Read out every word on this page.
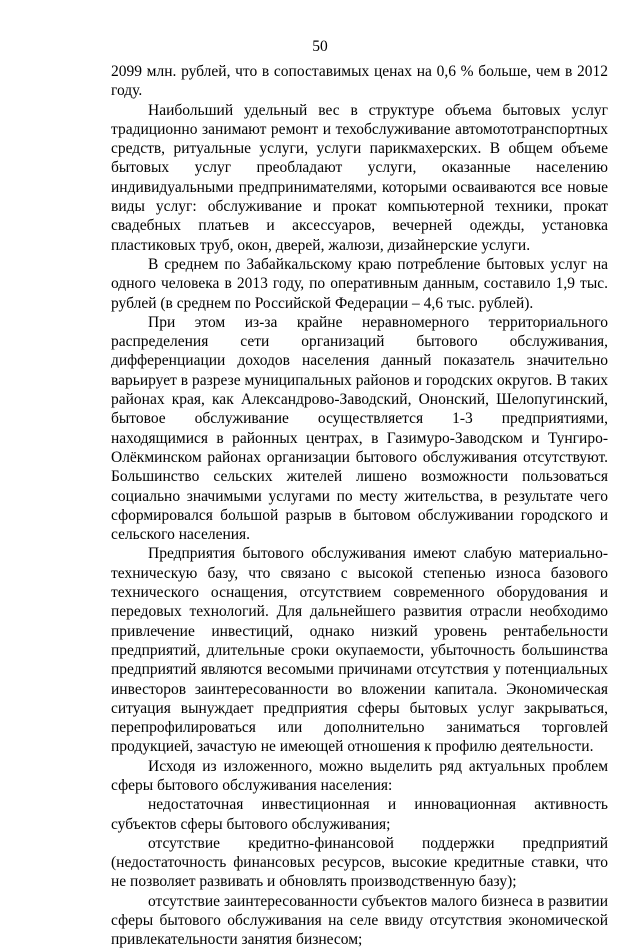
50

2099 млн. рублей, что в сопоставимых ценах на 0,6 % больше, чем в 2012 году.

Наибольший удельный вес в структуре объема бытовых услуг традиционно занимают ремонт и техобслуживание автомототранспортных средств, ритуальные услуги, услуги парикмахерских. В общем объеме бытовых услуг преобладают услуги, оказанные населению индивидуальными предпринимателями, которыми осваиваются все новые виды услуг: обслуживание и прокат компьютерной техники, прокат свадебных платьев и аксессуаров, вечерней одежды, установка пластиковых труб, окон, дверей, жалюзи, дизайнерские услуги.

В среднем по Забайкальскому краю потребление бытовых услуг на одного человека в 2013 году, по оперативным данным, составило 1,9 тыс. рублей (в среднем по Российской Федерации – 4,6 тыс. рублей).

При этом из-за крайне неравномерного территориального распределения сети организаций бытового обслуживания, дифференциации доходов населения данный показатель значительно варьирует в разрезе муниципальных районов и городских округов. В таких районах края, как Александрово-Заводский, Ононский, Шелопугинский, бытовое обслуживание осуществляется 1-3 предприятиями, находящимися в районных центрах, в Газимуро-Заводском и Тунгиро-Олёкминском районах организации бытового обслуживания отсутствуют. Большинство сельских жителей лишено возможности пользоваться социально значимыми услугами по месту жительства, в результате чего сформировался большой разрыв в бытовом обслуживании городского и сельского населения.

Предприятия бытового обслуживания имеют слабую материально-техническую базу, что связано с высокой степенью износа базового технического оснащения, отсутствием современного оборудования и передовых технологий. Для дальнейшего развития отрасли необходимо привлечение инвестиций, однако низкий уровень рентабельности предприятий, длительные сроки окупаемости, убыточность большинства предприятий являются весомыми причинами отсутствия у потенциальных инвесторов заинтересованности во вложении капитала. Экономическая ситуация вынуждает предприятия сферы бытовых услуг закрываться, перепрофилироваться или дополнительно заниматься торговлей продукцией, зачастую не имеющей отношения к профилю деятельности.

Исходя из изложенного, можно выделить ряд актуальных проблем сферы бытового обслуживания населения:

недостаточная инвестиционная и инновационная активность субъектов сферы бытового обслуживания;

отсутствие кредитно-финансовой поддержки предприятий (недостаточность финансовых ресурсов, высокие кредитные ставки, что не позволяет развивать и обновлять производственную базу);

отсутствие заинтересованности субъектов малого бизнеса в развитии сферы бытового обслуживания на селе ввиду отсутствия экономической привлекательности занятия бизнесом;
